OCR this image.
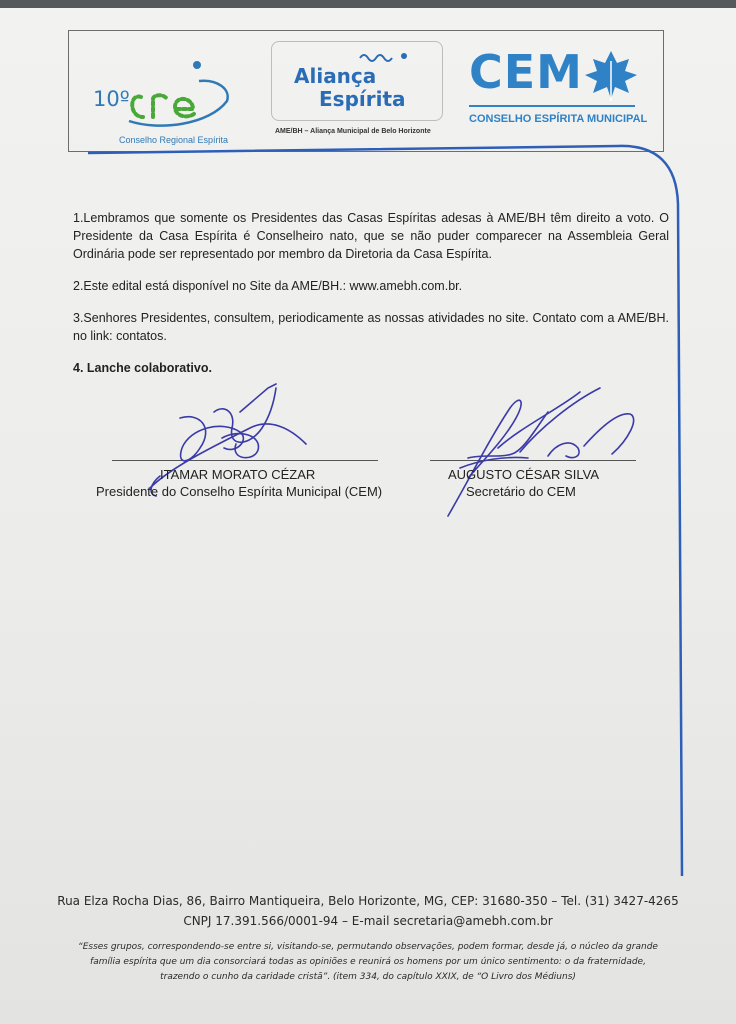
10º
Conselho Regional Espírita
Aliança
Espírita
AME/BH – Aliança Municipal de Belo Horizonte
CEM
CONSELHO ESPÍRITA MUNICIPAL

1.Lembramos que somente os Presidentes das Casas Espíritas adesas à AME/BH têm direito a voto. O Presidente da Casa Espírita é Conselheiro nato, que se não puder comparecer na Assembleia Geral Ordinária pode ser representado por membro da Diretoria da Casa Espírita.

2.Este edital está disponível no Site da AME/BH.: www.amebh.com.br.

3.Senhores Presidentes, consultem, periodicamente as nossas atividades no site. Contato com a AME/BH. no link: contatos.

4. Lanche colaborativo.

ITAMAR MORATO CÉZAR
Presidente do Conselho Espírita Municipal (CEM)
AUGUSTO CÉSAR SILVA
Secretário do CEM
Rua Elza Rocha Dias, 86, Bairro Mantiqueira, Belo Horizonte, MG, CEP: 31680-350 – Tel. (31) 3427-4265
CNPJ 17.391.566/0001-94 – E-mail secretaria@amebh.com.br
“Esses grupos, correspondendo-se entre si, visitando-se, permutando observações, podem formar, desde já, o núcleo da grande
família espírita que um dia consorciará todas as opiniões e reunirá os homens por um único sentimento: o da fraternidade,
trazendo o cunho da caridade cristã”. (item 334, do capítulo XXIX, de “O Livro dos Médiuns)
